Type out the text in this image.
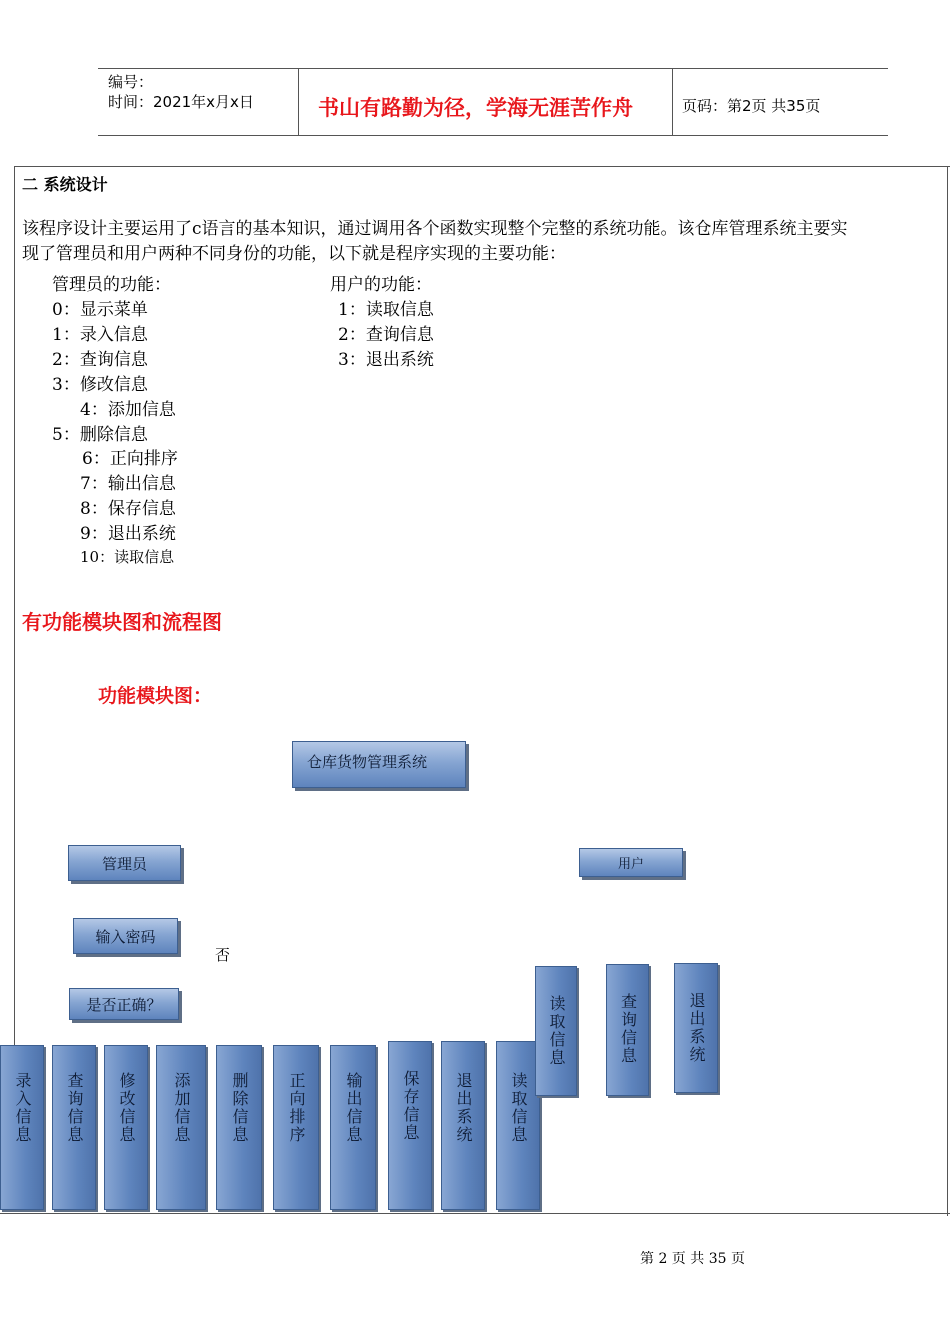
编号：
时间：2021年x月x日	书山有路勤为径，学海无涯苦作舟	页码：第2页 共35页
二 系统设计
该程序设计主要运用了c语言的基本知识，通过调用各个函数实现整个完整的系统功能。该仓库管理系统主要实
现了管理员和用户两种不同身份的功能，以下就是程序实现的主要功能：
管理员的功能：	用户的功能：
0：显示菜单
1：录入信息
2：查询信息
3：修改信息
4：添加信息
5：删除信息
6：正向排序
7：输出信息
8：保存信息
9：退出系统
10：读取信息
1：读取信息
2：查询信息
3：退出系统
有功能模块图和流程图
功能模块图：
仓库货物管理系统
管理员	用户
输入密码
否
是否正确？
录入信息 查询信息 修改信息 添加信息 删除信息 正向排序 输出信息 保存信息 退出系统 读取信息
读取信息	查询信息	退出系统
第 2 页 共 35 页
